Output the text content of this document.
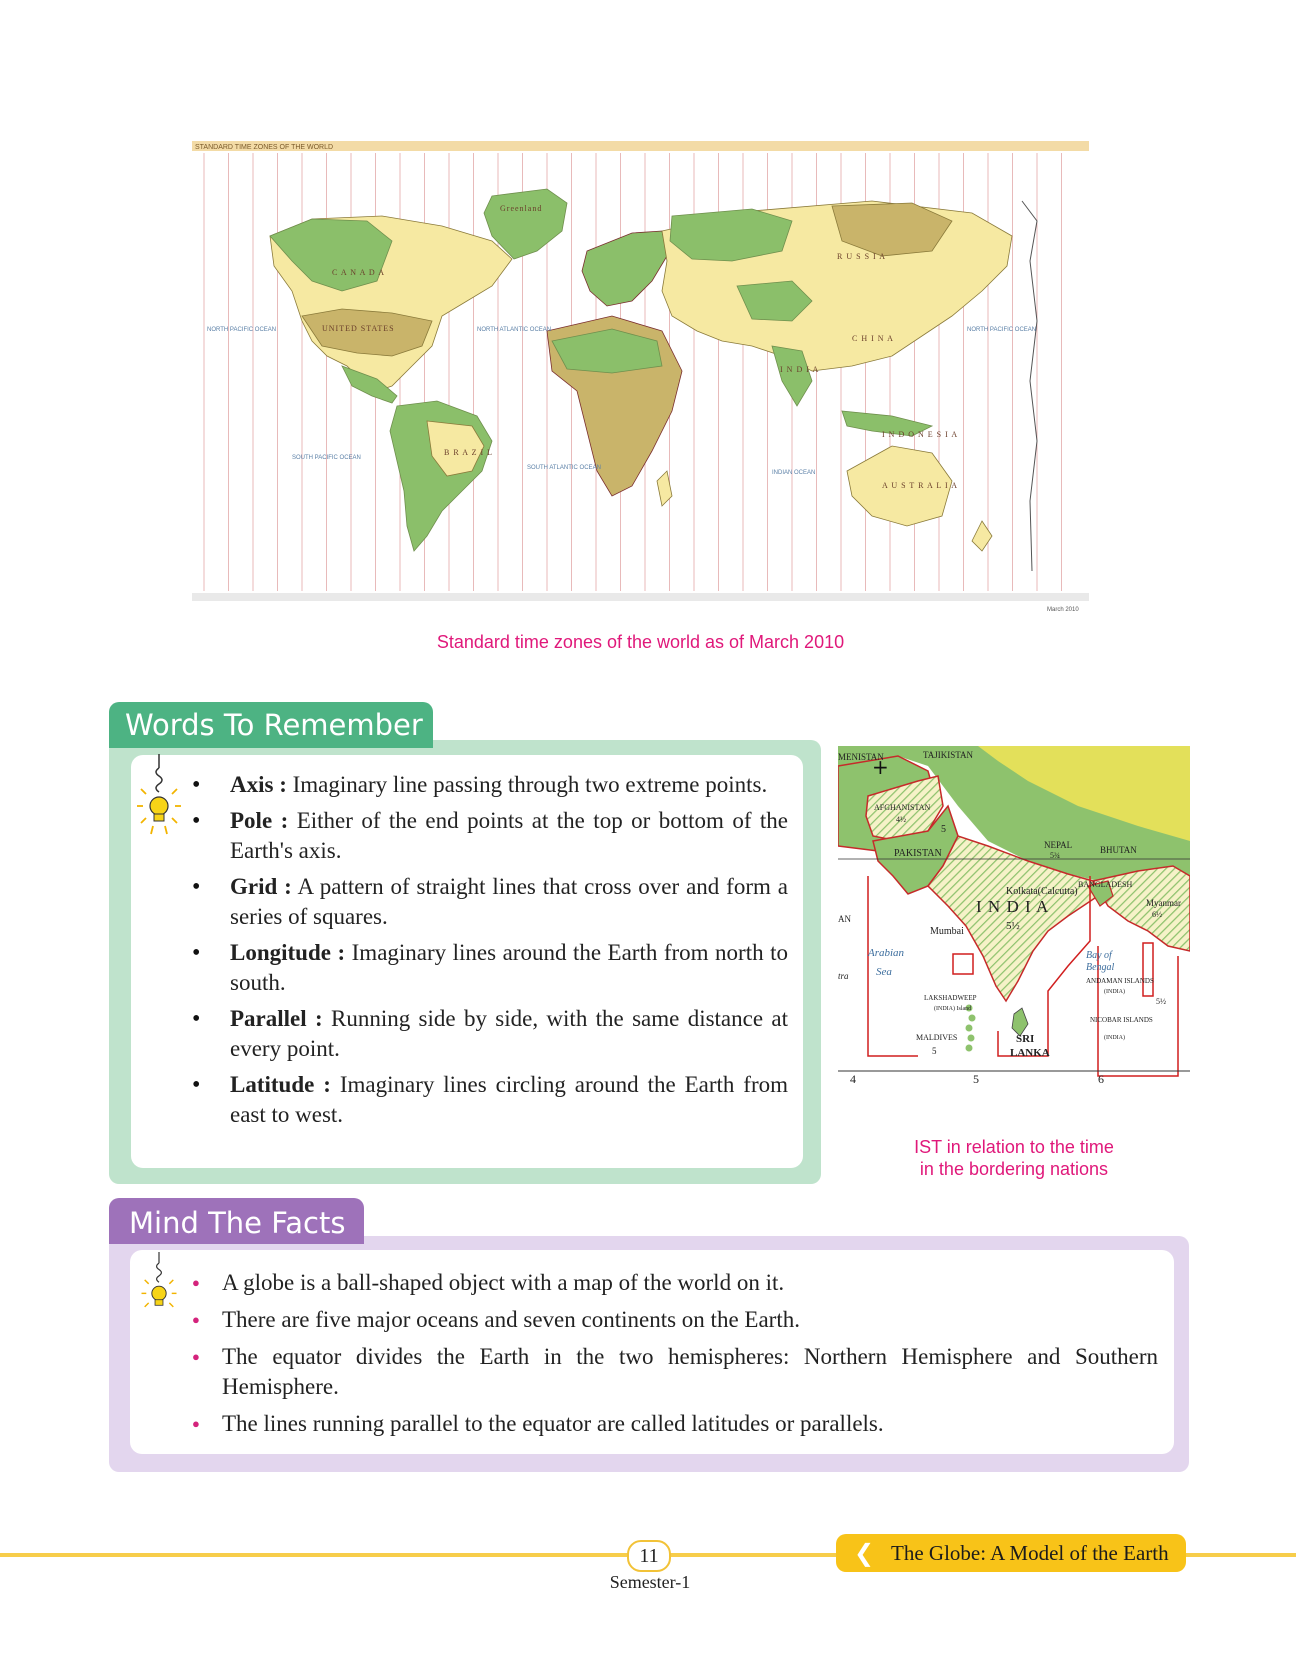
STANDARD TIME ZONES OF THE WORLD
Greenland
C A N A D A
UNITED STATES
R U S S I A
C H I N A
I N D I A
B R A Z I L
A U S T R A L I A
I N D O N E S I A
NORTH PACIFIC OCEAN	NORTH ATLANTIC OCEAN
SOUTH PACIFIC OCEAN
SOUTH ATLANTIC OCEAN
INDIAN OCEAN
NORTH PACIFIC OCEAN
March 2010
Standard time zones of the world as of March 2010
Words To Remember
• Axis : Imaginary line passing through two extreme points.
• Pole : Either of the end points at the top or bottom of the Earth's axis.
• Grid : A pattern of straight lines that cross over and form a series of squares.
• Longitude : Imaginary lines around the Earth from north to south.
• Parallel : Running side by side, with the same distance at every point.
• Latitude : Imaginary lines circling around the Earth from east to west.
+
MENISTAN	TAJIKISTAN
AFGHANISTAN
4½
5
PAKISTAN
NEPAL
5¾
BHUTAN
BANGLADESH
Myanmar
6½
Kolkata(Calcutta)
I N D I A
5½
Mumbai
Arabian
Sea
Bay of
Bengal
ANDAMAN ISLANDS
(INDIA)
5½
NICOBAR ISLANDS
(INDIA)
LAKSHADWEEP
(INDIA) Island
MALDIVES
5
SRI
LANKA
AN
tra
4	5	6
IST in relation to the time
in the bordering nations
Mind The Facts
● A globe is a ball-shaped object with a map of the world on it.
● There are five major oceans and seven continents on the Earth.
● The equator divides the Earth in the two hemispheres: Northern Hemisphere and Southern Hemisphere.
● The lines running parallel to the equator are called latitudes or parallels.
11
Semester-1
❮ The Globe: A Model of the Earth
